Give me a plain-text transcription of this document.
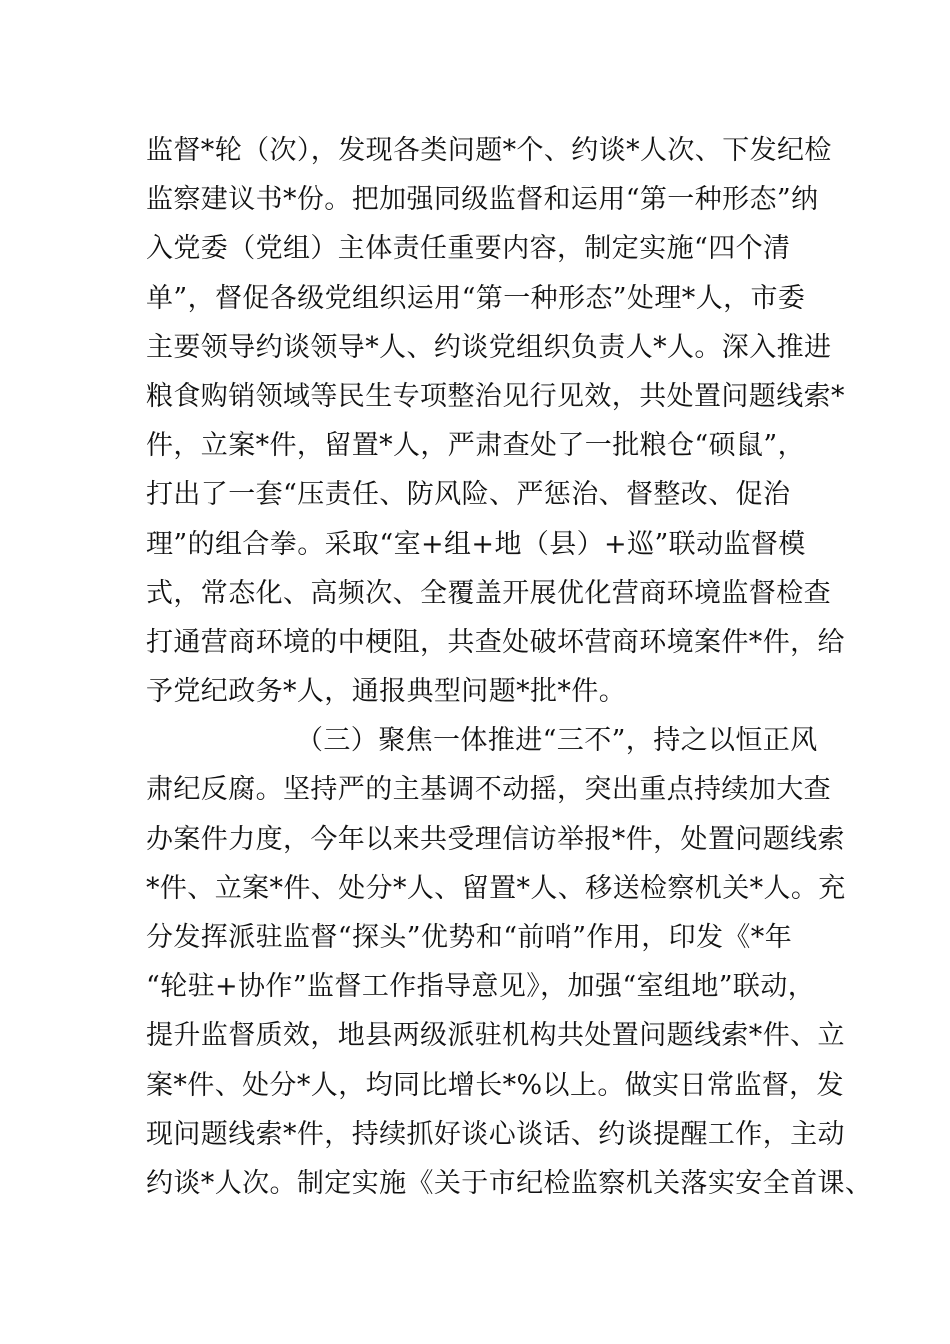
监督*轮（次），发现各类问题*个、约谈*人次、下发纪检
监察建议书*份。把加强同级监督和运用“第一种形态”纳
入党委（党组）主体责任重要内容，制定实施“四个清
单”，督促各级党组织运用“第一种形态”处理*人，市委
主要领导约谈领导*人、约谈党组织负责人*人。深入推进
粮食购销领域等民生专项整治见行见效，共处置问题线索*
件，立案*件，留置*人，严肃查处了一批粮仓“硕鼠”，
打出了一套“压责任、防风险、严惩治、督整改、促治
理”的组合拳。采取“室+组+地（县）+巡”联动监督模
式，常态化、高频次、全覆盖开展优化营商环境监督检查
打通营商环境的中梗阻，共查处破坏营商环境案件*件，给
予党纪政务*人，通报典型问题*批*件。
（三）聚焦一体推进“三不”，持之以恒正风
肃纪反腐。坚持严的主基调不动摇，突出重点持续加大查
办案件力度，今年以来共受理信访举报*件，处置问题线索
*件、立案*件、处分*人、留置*人、移送检察机关*人。充
分发挥派驻监督“探头”优势和“前哨”作用，印发《*年
“轮驻+协作”监督工作指导意见》，加强“室组地”联动，
提升监督质效，地县两级派驻机构共处置问题线索*件、立
案*件、处分*人，均同比增长*%以上。做实日常监督，发
现问题线索*件，持续抓好谈心谈话、约谈提醒工作，主动
约谈*人次。制定实施《关于市纪检监察机关落实安全首课、
